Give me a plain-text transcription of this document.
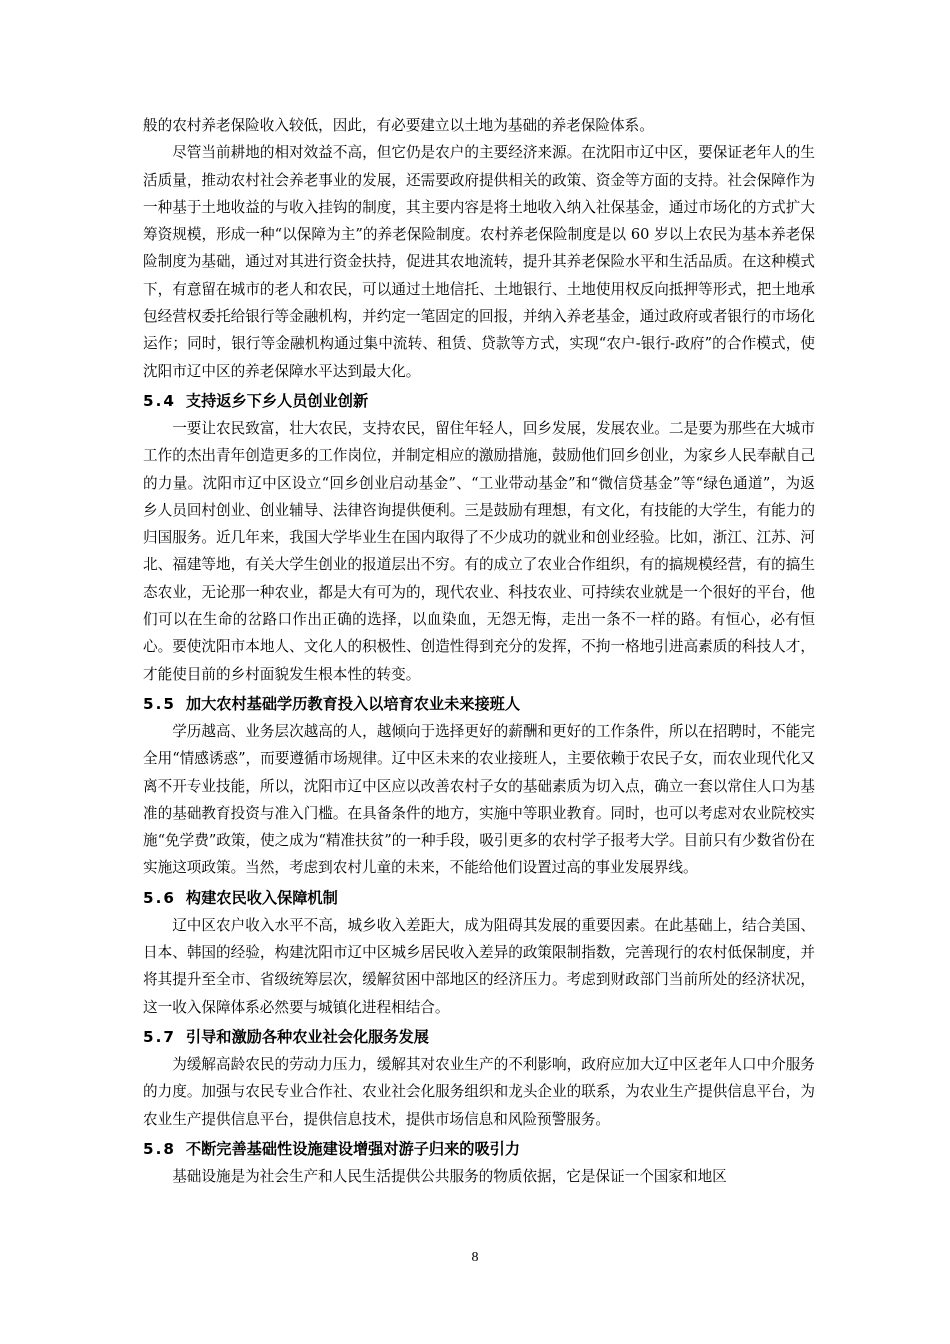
般的农村养老保险收入较低，因此，有必要建立以土地为基础的养老保险体系。

尽管当前耕地的相对效益不高，但它仍是农户的主要经济来源。在沈阳市辽中区，要保证老年人的生活质量，推动农村社会养老事业的发展，还需要政府提供相关的政策、资金等方面的支持。社会保障作为一种基于土地收益的与收入挂钩的制度，其主要内容是将土地收入纳入社保基金，通过市场化的方式扩大筹资规模，形成一种“以保障为主”的养老保险制度。农村养老保险制度是以 60 岁以上农民为基本养老保险制度为基础，通过对其进行资金扶持，促进其农地流转，提升其养老保险水平和生活品质。在这种模式下，有意留在城市的老人和农民，可以通过土地信托、土地银行、土地使用权反向抵押等形式，把土地承包经营权委托给银行等金融机构，并约定一笔固定的回报，并纳入养老基金，通过政府或者银行的市场化运作；同时，银行等金融机构通过集中流转、租赁、贷款等方式，实现“农户-银行-政府”的合作模式，使沈阳市辽中区的养老保障水平达到最大化。

5.4 支持返乡下乡人员创业创新

一要让农民致富，壮大农民，支持农民，留住年轻人，回乡发展，发展农业。二是要为那些在大城市工作的杰出青年创造更多的工作岗位，并制定相应的激励措施，鼓励他们回乡创业，为家乡人民奉献自己的力量。沈阳市辽中区设立“回乡创业启动基金”、“工业带动基金”和“微信贷基金”等“绿色通道”，为返乡人员回村创业、创业辅导、法律咨询提供便利。三是鼓励有理想，有文化，有技能的大学生，有能力的归国服务。近几年来，我国大学毕业生在国内取得了不少成功的就业和创业经验。比如，浙江、江苏、河北、福建等地，有关大学生创业的报道层出不穷。有的成立了农业合作组织，有的搞规模经营，有的搞生态农业，无论那一种农业，都是大有可为的，现代农业、科技农业、可持续农业就是一个很好的平台，他们可以在生命的岔路口作出正确的选择，以血染血，无怨无悔，走出一条不一样的路。有恒心，必有恒心。要使沈阳市本地人、文化人的积极性、创造性得到充分的发挥，不拘一格地引进高素质的科技人才，才能使目前的乡村面貌发生根本性的转变。

5.5 加大农村基础学历教育投入以培育农业未来接班人

学历越高、业务层次越高的人，越倾向于选择更好的薪酬和更好的工作条件，所以在招聘时，不能完全用“情感诱惑”，而要遵循市场规律。辽中区未来的农业接班人，主要依赖于农民子女，而农业现代化又离不开专业技能，所以，沈阳市辽中区应以改善农村子女的基础素质为切入点，确立一套以常住人口为基准的基础教育投资与准入门槛。在具备条件的地方，实施中等职业教育。同时，也可以考虑对农业院校实施“免学费”政策，使之成为“精准扶贫”的一种手段，吸引更多的农村学子报考大学。目前只有少数省份在实施这项政策。当然，考虑到农村儿童的未来，不能给他们设置过高的事业发展界线。

5.6 构建农民收入保障机制

辽中区农户收入水平不高，城乡收入差距大，成为阻碍其发展的重要因素。在此基础上，结合美国、日本、韩国的经验，构建沈阳市辽中区城乡居民收入差异的政策限制指数，完善现行的农村低保制度，并将其提升至全市、省级统筹层次，缓解贫困中部地区的经济压力。考虑到财政部门当前所处的经济状况，这一收入保障体系必然要与城镇化进程相结合。

5.7 引导和激励各种农业社会化服务发展

为缓解高龄农民的劳动力压力，缓解其对农业生产的不利影响，政府应加大辽中区老年人口中介服务的力度。加强与农民专业合作社、农业社会化服务组织和龙头企业的联系，为农业生产提供信息平台，为农业生产提供信息平台，提供信息技术，提供市场信息和风险预警服务。

5.8 不断完善基础性设施建设增强对游子归来的吸引力

基础设施是为社会生产和人民生活提供公共服务的物质依据，它是保证一个国家和地区

8
